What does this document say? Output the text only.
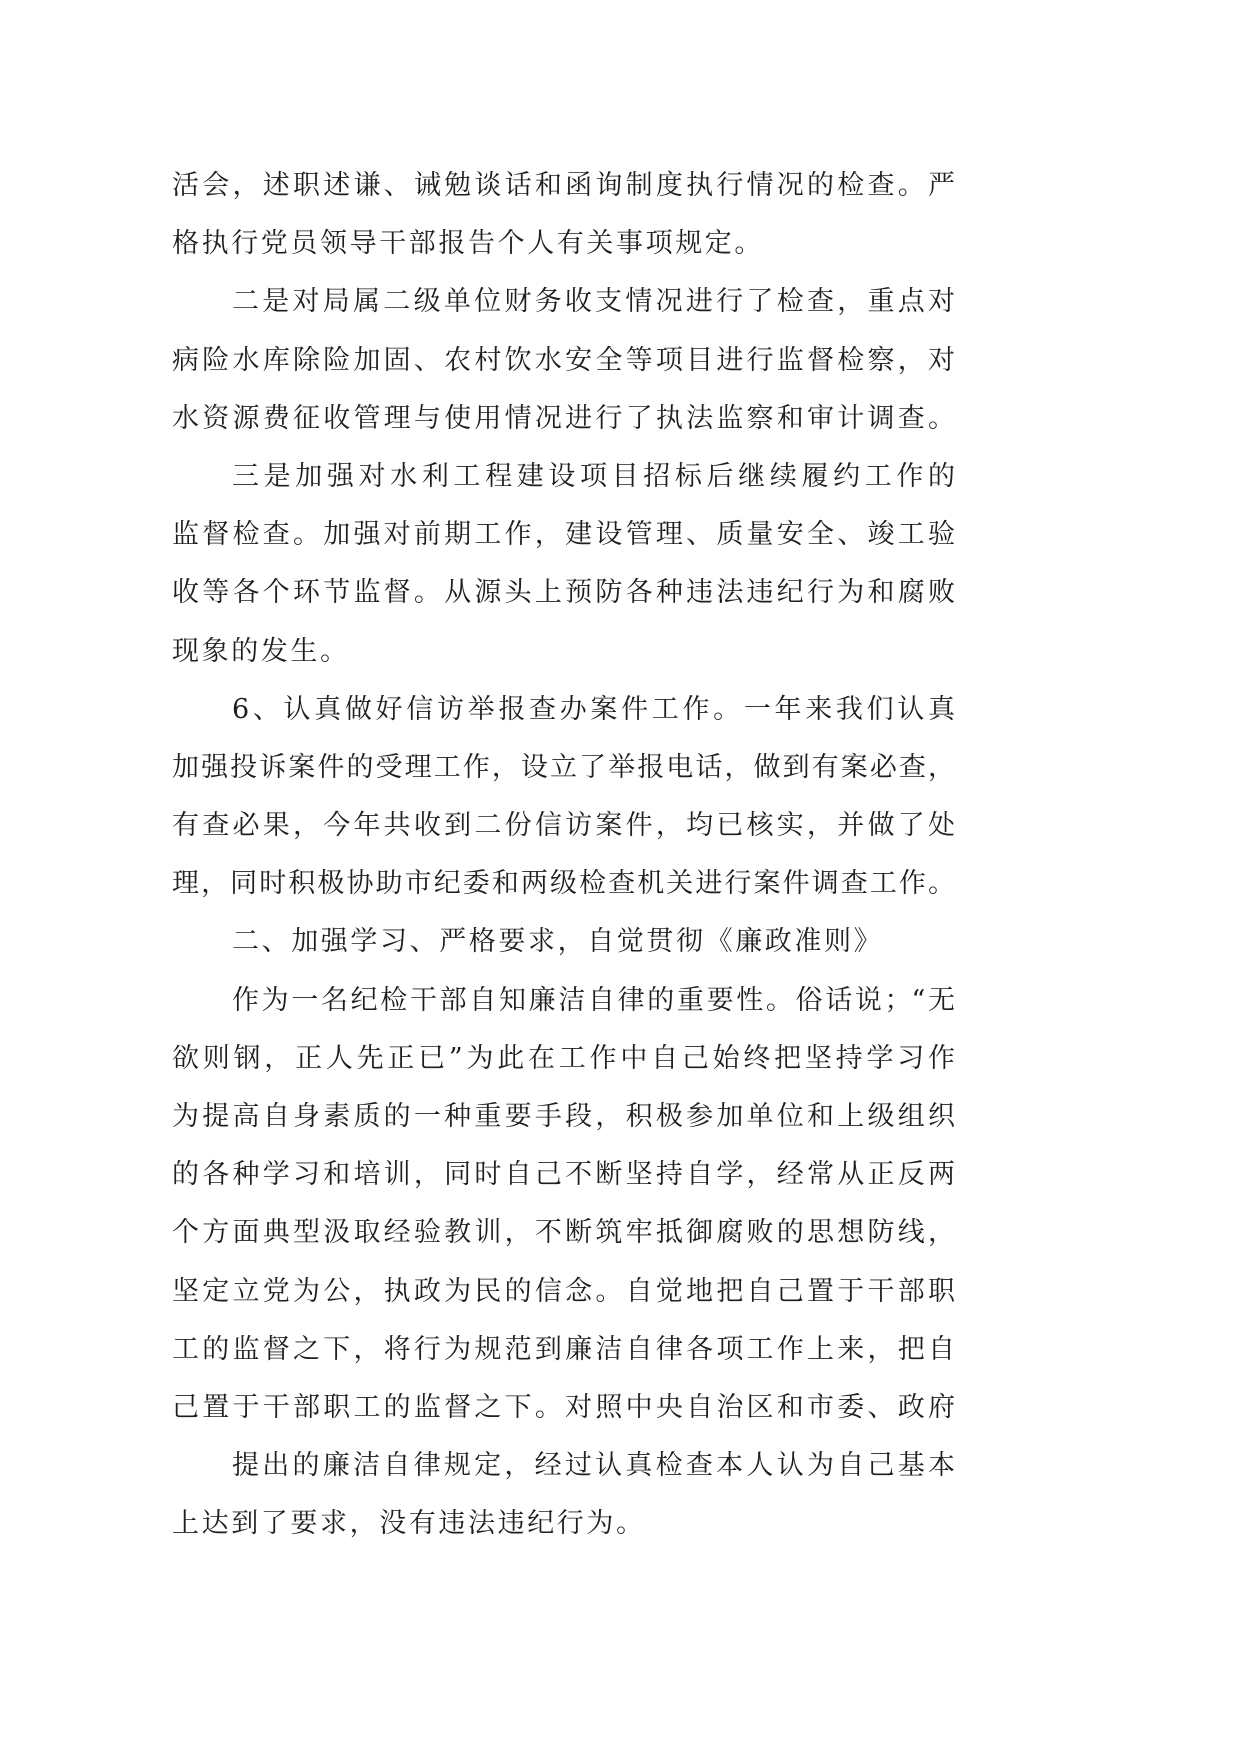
活会，述职述谦、诫勉谈话和函询制度执行情况的检查。严
格执行党员领导干部报告个人有关事项规定。
二是对局属二级单位财务收支情况进行了检查，重点对
病险水库除险加固、农村饮水安全等项目进行监督检察，对
水资源费征收管理与使用情况进行了执法监察和审计调查。
三是加强对水利工程建设项目招标后继续履约工作的
监督检查。加强对前期工作，建设管理、质量安全、竣工验
收等各个环节监督。从源头上预防各种违法违纪行为和腐败
现象的发生。
6、认真做好信访举报查办案件工作。一年来我们认真
加强投诉案件的受理工作，设立了举报电话，做到有案必查，
有查必果，今年共收到二份信访案件，均已核实，并做了处
理，同时积极协助市纪委和两级检查机关进行案件调查工作。
二、加强学习、严格要求，自觉贯彻《廉政准则》
作为一名纪检干部自知廉洁自律的重要性。俗话说；“无
欲则钢，正人先正已”为此在工作中自己始终把坚持学习作
为提高自身素质的一种重要手段，积极参加单位和上级组织
的各种学习和培训，同时自己不断坚持自学，经常从正反两
个方面典型汲取经验教训，不断筑牢抵御腐败的思想防线，
坚定立党为公，执政为民的信念。自觉地把自己置于干部职
工的监督之下，将行为规范到廉洁自律各项工作上来，把自
己置于干部职工的监督之下。对照中央自治区和市委、政府
提出的廉洁自律规定，经过认真检查本人认为自己基本
上达到了要求，没有违法违纪行为。
